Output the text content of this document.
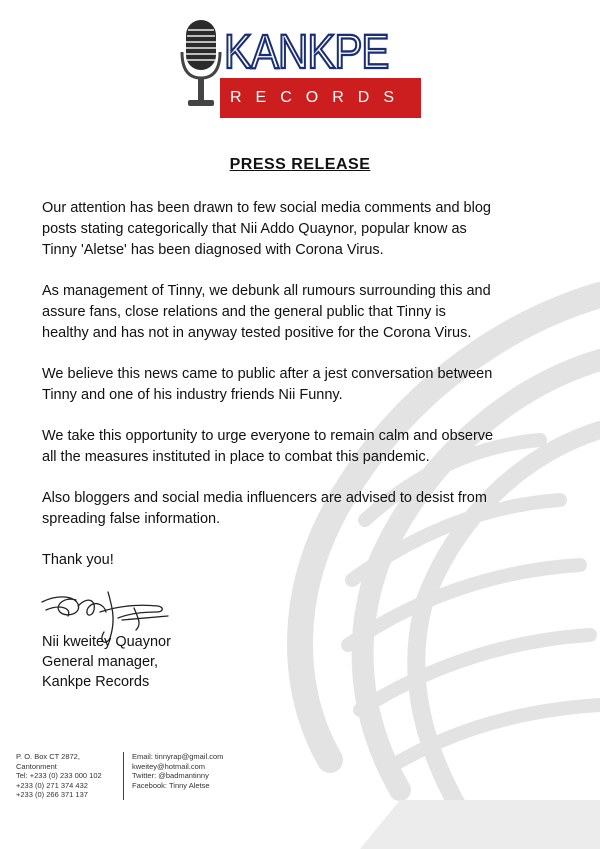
KANKPE
RECORDS
PRESS RELEASE

Our attention has been drawn to few social media comments and blog
posts stating categorically that Nii Addo Quaynor, popular know as
Tinny 'Aletse' has been diagnosed with Corona Virus.

As management of Tinny, we debunk all rumours surrounding this and
assure fans, close relations and the general public that Tinny is
healthy and has not in anyway tested positive for the Corona Virus.

We believe this news came to public after a jest conversation between
Tinny and one of his industry friends Nii Funny.

We take this opportunity to urge everyone to remain calm and observe
all the measures instituted in place to combat this pandemic.

Also bloggers and social media influencers are advised to desist from
spreading false information.

Thank you!

Nii kweitey Quaynor
General manager,
Kankpe Records
P. O. Box CT 2872,
Cantonment
Tel: +233 (0) 233 000 102
+233 (0) 271 374 432
+233 (0) 266 371 137
Email: tinnyrap@gmail.com
kweitey@hotmail.com
Twitter: @badmantinny
Facebook: Tinny Aletse
